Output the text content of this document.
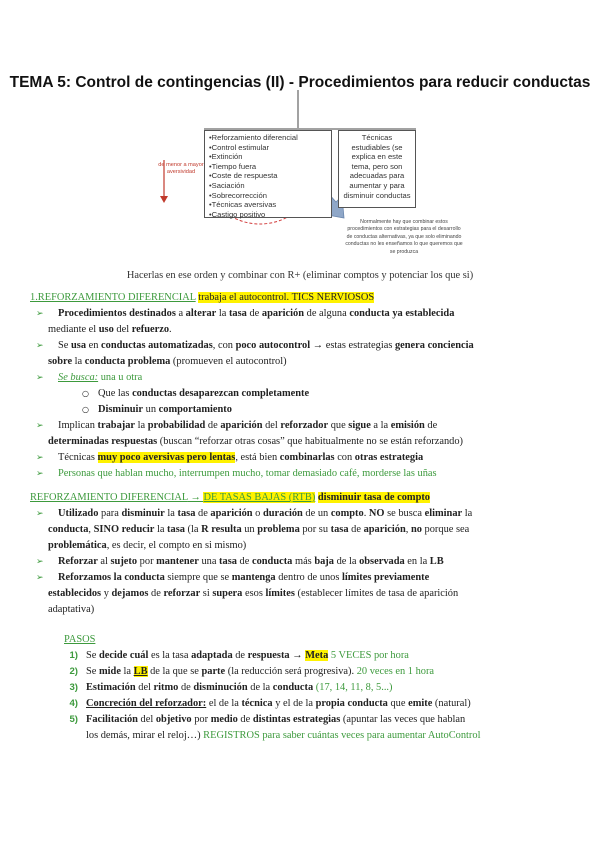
TEMA 5: Control de contingencias (II) - Procedimientos para reducir conductas
de menor a mayor aversividad
•Reforzamiento diferencial
•Control estimular
•Extinción
•Tiempo fuera
•Coste de respuesta
•Saciación
•Sobrecorrección
•Técnicas aversivas
•Castigo positivo
Técnicas estudiables (se explica en este tema, pero son adecuadas para aumentar y para disminuir conductas
Normalmente hay que combinar estos procedimientos con estrategias para el desarrollo de conductas alternativas, ya que solo eliminando conductas no les enseñamos lo que queremos que se produzca
Hacerlas en ese orden y combinar con R+ (eliminar comptos y potenciar los que si)
1.REFORZAMIENTO DIFERENCIAL trabaja el autocontrol. TICS NERVIOSOS
➢ Procedimientos destinados a alterar la tasa de aparición de alguna conducta ya establecida
mediante el uso del refuerzo.
➢ Se usa en conductas automatizadas, con poco autocontrol → estas estrategias genera conciencia
sobre la conducta problema (promueven el autocontrol)
➢ Se busca: una u otra
○ Que las conductas desaparezcan completamente
○ Disminuir un comportamiento
➢ Implican trabajar la probabilidad de aparición del reforzador que sigue a la emisión de
determinadas respuestas (buscan “reforzar otras cosas” que habitualmente no se están reforzando)
➢ Técnicas muy poco aversivas pero lentas, está bien combinarlas con otras estrategia
➢ Personas que hablan mucho, interrumpen mucho, tomar demasiado café, morderse las uñas
REFORZAMIENTO DIFERENCIAL → DE TASAS BAJAS (RTB) disminuir tasa de compto
➢ Utilizado para disminuir la tasa de aparición o duración de un compto. NO se busca eliminar la
conducta, SINO reducir la tasa (la R resulta un problema por su tasa de aparición, no porque sea
problemática, es decir, el compto en si mismo)
➢ Reforzar al sujeto por mantener una tasa de conducta más baja de la observada en la LB
➢ Reforzamos la conducta siempre que se mantenga dentro de unos límites previamente
establecidos y dejamos de reforzar si supera esos límites (establecer límites de tasa de aparición
adaptativa)
PASOS
1) Se decide cuál es la tasa adaptada de respuesta → Meta 5 VECES por hora
2) Se mide la LB de la que se parte (la reducción será progresiva). 20 veces en 1 hora
3) Estimación del ritmo de disminución de la conducta (17, 14, 11, 8, 5...)
4) Concreción del reforzador: el de la técnica y el de la propia conducta que emite (natural)
5) Facilitación del objetivo por medio de distintas estrategias (apuntar las veces que hablan
los demás, mirar el reloj…) REGISTROS para saber cuántas veces para aumentar AutoControl
